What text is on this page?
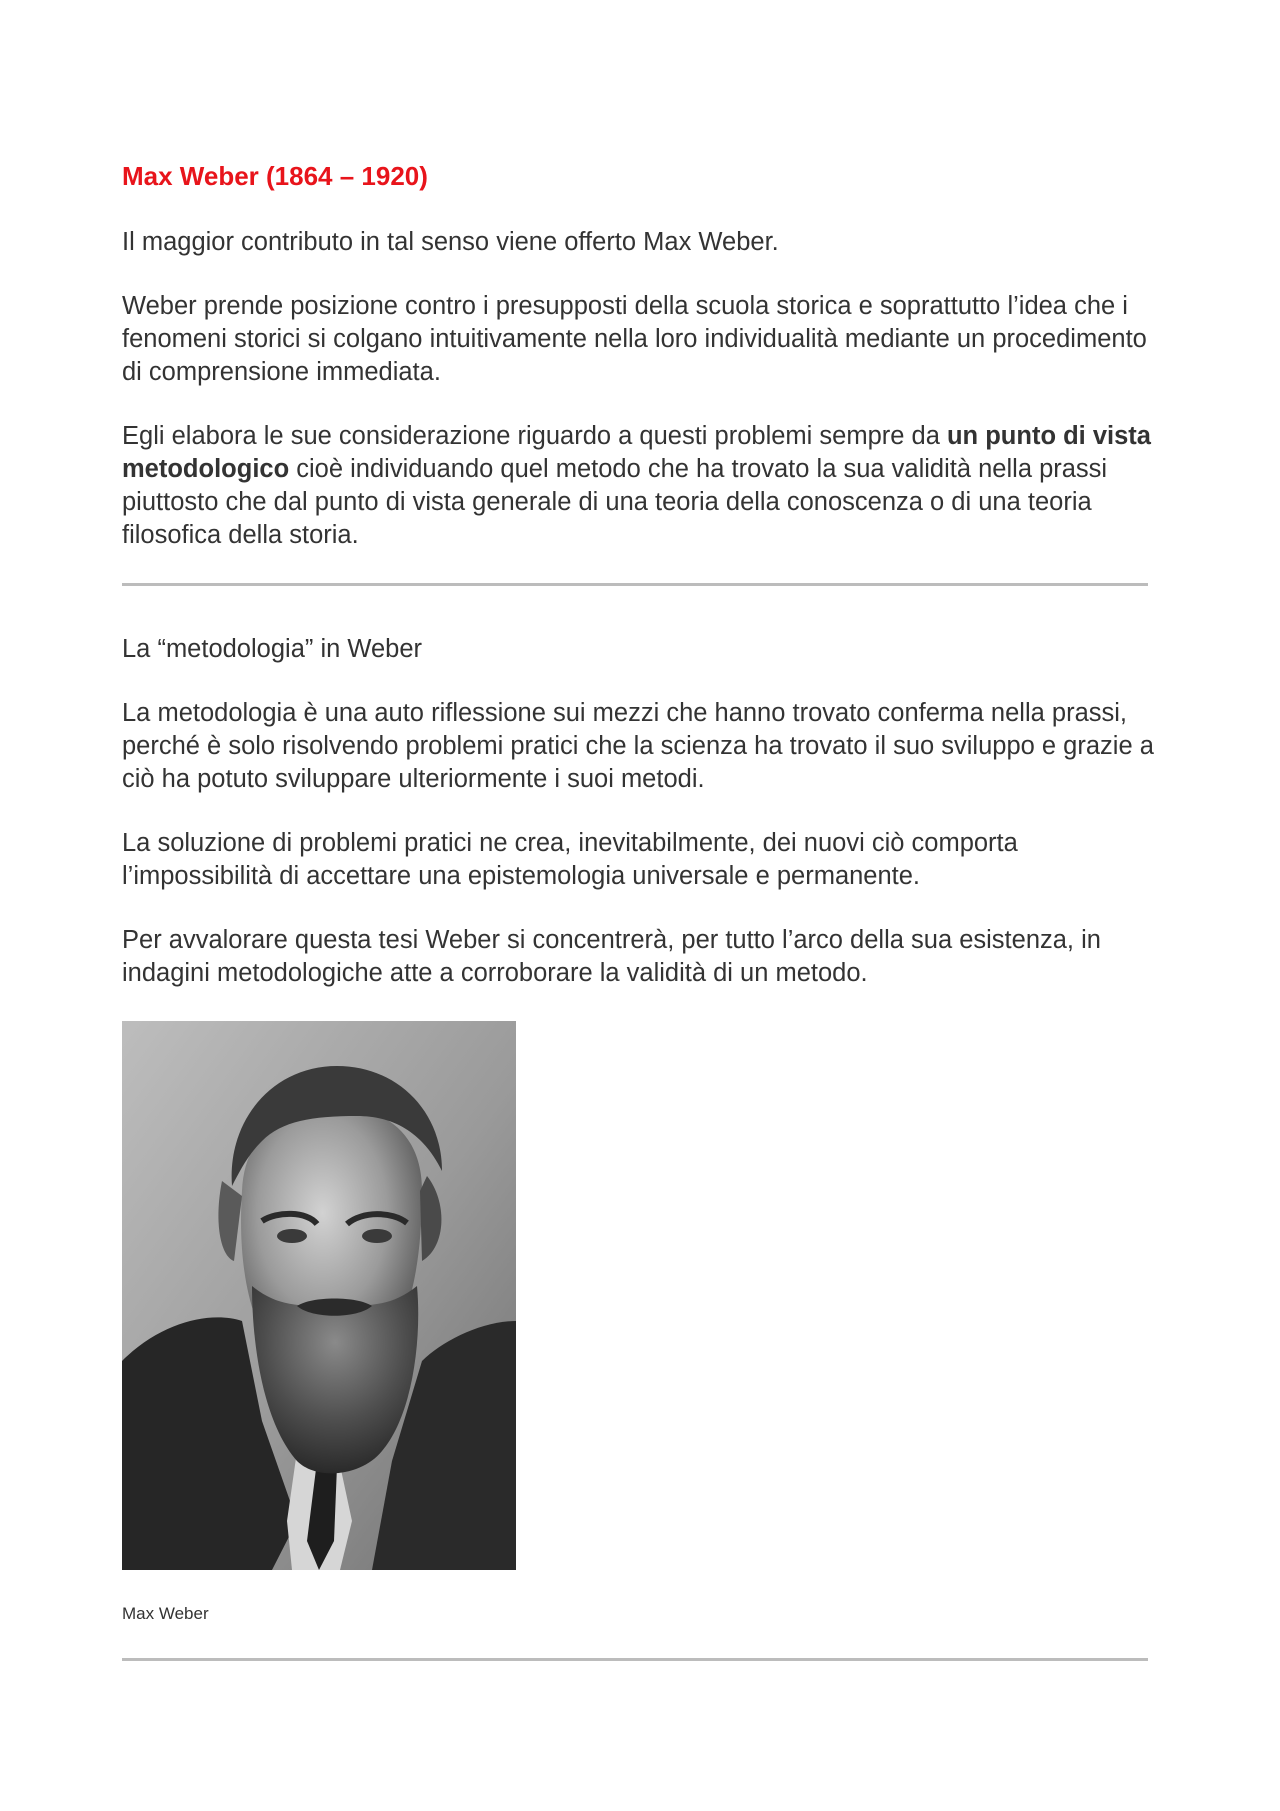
Max Weber (1864 – 1920)

Il maggior contributo in tal senso viene offerto Max Weber.

Weber prende posizione contro i presupposti della scuola storica e soprattutto l’idea che i fenomeni storici si colgano intuitivamente nella loro individualità mediante un procedimento di comprensione immediata.

Egli elabora le sue considerazione riguardo a questi problemi sempre da un punto di vista metodologico cioè individuando quel metodo che ha trovato la sua validità nella prassi piuttosto che dal punto di vista generale di una teoria della conoscenza o di una teoria filosofica della storia.

La “metodologia” in Weber

La metodologia è una auto riflessione sui mezzi che hanno trovato conferma nella prassi, perché è solo risolvendo problemi pratici che la scienza ha trovato il suo sviluppo e grazie a ciò ha potuto sviluppare ulteriormente i suoi metodi.

La soluzione di problemi pratici ne crea, inevitabilmente, dei nuovi ciò comporta l’impossibilità di accettare una epistemologia universale e permanente.

Per avvalorare questa tesi Weber si concentrerà, per tutto l’arco della sua esistenza, in indagini metodologiche atte a corroborare la validità di un metodo.

Max Weber
